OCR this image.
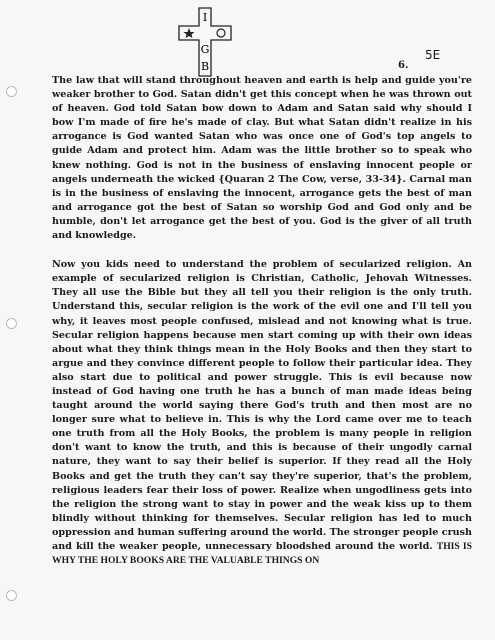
I
G
B
5E
6.

The law that will stand throughout heaven and earth is help and guide you're weaker brother to God. Satan didn't get this concept when he was thrown out of heaven. God told Satan bow down to Adam and Satan said why should I bow I'm made of fire he's made of clay. But what Satan didn't realize in his arrogance is God wanted Satan who was once one of God's top angels to guide Adam and protect him. Adam was the little brother so to speak who knew nothing. God is not in the business of enslaving innocent people or angels underneath the wicked {Quaran 2 The Cow, verse, 33-34}. Carnal man is in the business of enslaving the innocent, arrogance gets the best of man and arrogance got the best of Satan so worship God and God only and be humble, don't let arrogance get the best of you. God is the giver of all truth and knowledge.

Now you kids need to understand the problem of secularized religion. An example of secularized religion is Christian, Catholic, Jehovah Witnesses. They all use the Bible but they all tell you their religion is the only truth. Understand this, secular religion is the work of the evil one and I'll tell you why, it leaves most people confused, mislead and not knowing what is true. Secular religion happens because men start coming up with their own ideas about what they think things mean in the Holy Books and then they start to argue and they convince different people to follow their particular idea. They also start due to political and power struggle. This is evil because now instead of God having one truth he has a bunch of man made ideas being taught around the world saying there God's truth and then most are no longer sure what to believe in. This is why the Lord came over me to teach one truth from all the Holy Books, the problem is many people in religion don't want to know the truth, and this is because of their ungodly carnal nature, they want to say their belief is superior. If they read all the Holy Books and get the truth they can't say they're superior, that's the problem, religious leaders fear their loss of power. Realize when ungodliness gets into the religion the strong want to stay in power and the weak kiss up to them blindly without thinking for themselves. Secular religion has led to much oppression and human suffering around the world. The stronger people crush and kill the weaker people, unnecessary bloodshed around the world. THIS IS WHY THE HOLY BOOKS ARE THE VALUABLE THINGS ON
